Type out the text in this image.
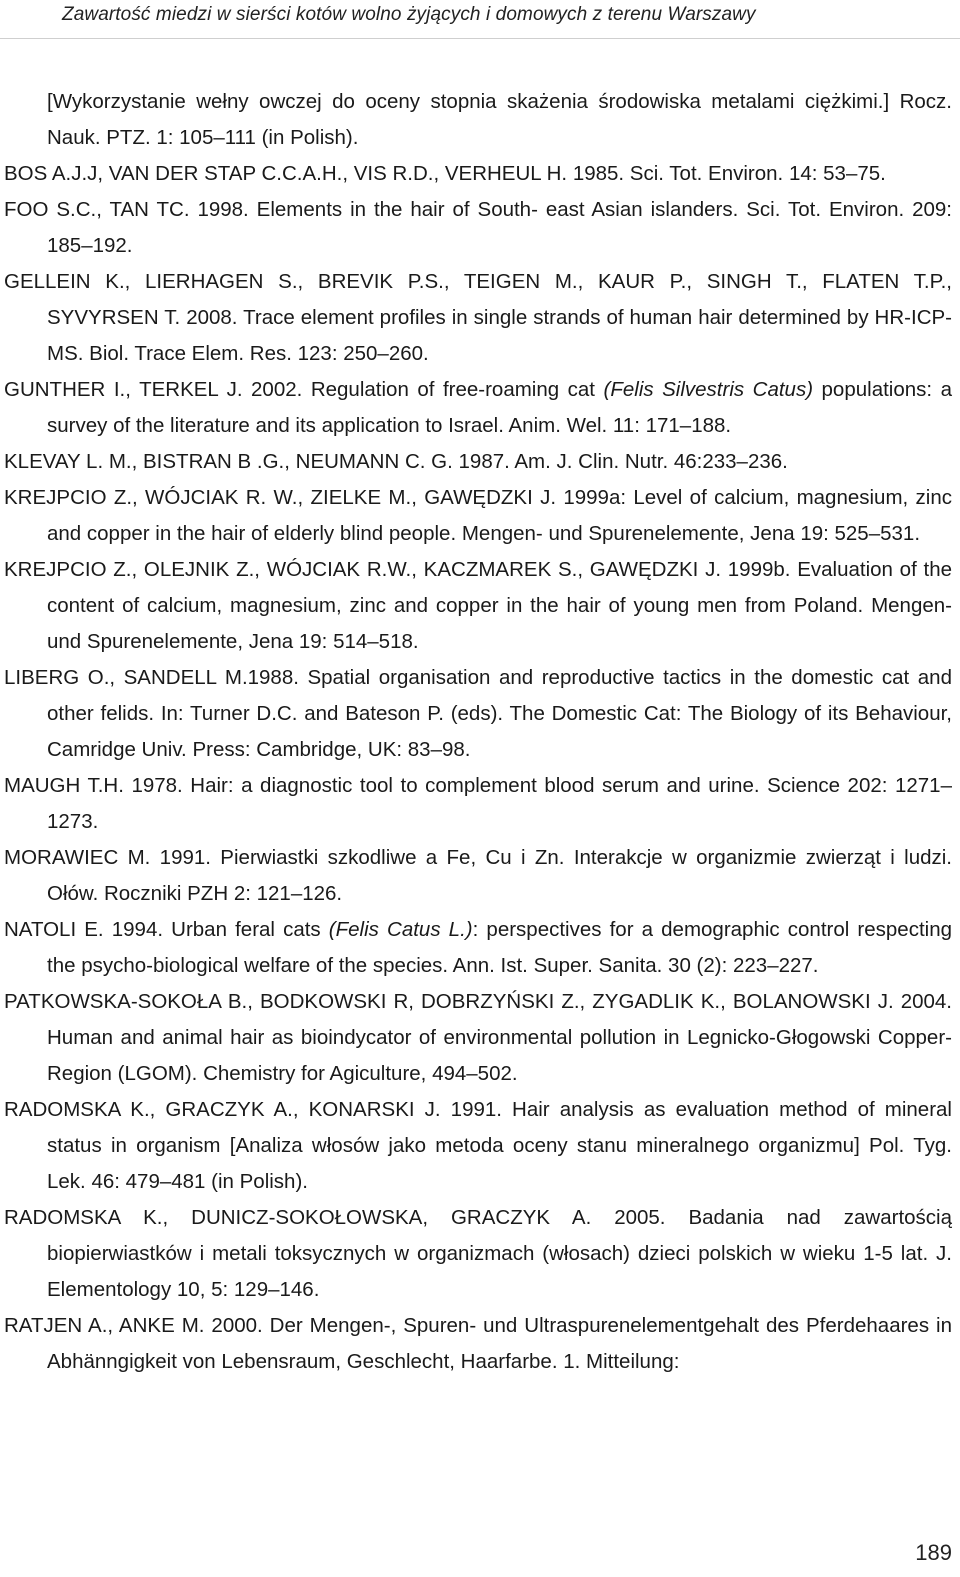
Zawartość miedzi w sierści kotów wolno żyjących i domowych z terenu Warszawy
[Wykorzystanie wełny owczej do oceny stopnia skażenia środowiska metalami ciężkimi.] Rocz. Nauk. PTZ. 1: 105–111 (in Polish).
BOS A.J.J, VAN DER STAP C.C.A.H., VIS R.D., VERHEUL H. 1985. Sci. Tot. Environ. 14: 53–75.
FOO S.C., TAN TC. 1998. Elements in the hair of South- east Asian islanders. Sci. Tot. Environ. 209: 185–192.
GELLEIN K., LIERHAGEN S., BREVIK P.S., TEIGEN M., KAUR P., SINGH T., FLATEN T.P., SYVYRSEN T. 2008. Trace element profiles in single strands of human hair determined by HR-ICP-MS. Biol. Trace Elem. Res. 123: 250–260.
GUNTHER I., TERKEL J. 2002. Regulation of free-roaming cat (Felis Silvestris Catus) populations: a survey of the literature and its application to Israel. Anim. Wel. 11: 171–188.
KLEVAY L. M., BISTRAN B .G., NEUMANN C. G. 1987. Am. J. Clin. Nutr. 46:233–236.
KREJPCIO Z., WÓJCIAK R. W., ZIELKE M., GAWĘDZKI J. 1999a: Level of calcium, magnesium, zinc and copper in the hair of elderly blind people. Mengen- und Spurenelemente, Jena 19: 525–531.
KREJPCIO Z., OLEJNIK Z., WÓJCIAK R.W., KACZMAREK S., GAWĘDZKI J. 1999b. Evaluation of the content of calcium, magnesium, zinc and copper in the hair of young men from Poland. Mengen- und Spurenelemente, Jena 19: 514–518.
LIBERG O., SANDELL M.1988. Spatial organisation and reproductive tactics in the domestic cat and other felids. In: Turner D.C. and Bateson P. (eds). The Domestic Cat: The Biology of its Behaviour, Camridge Univ. Press: Cambridge, UK: 83–98.
MAUGH T.H. 1978. Hair: a diagnostic tool to complement blood serum and urine. Science 202: 1271–1273.
MORAWIEC M. 1991. Pierwiastki szkodliwe a Fe, Cu i Zn. Interakcje w organizmie zwierząt i ludzi. Ołów. Roczniki PZH 2: 121–126.
NATOLI E. 1994. Urban feral cats (Felis Catus L.): perspectives for a demographic control respecting the psycho-biological welfare of the species. Ann. Ist. Super. Sanita. 30 (2): 223–227.
PATKOWSKA-SOKOŁA B., BODKOWSKI R, DOBRZYŃSKI Z., ZYGADLIK K., BOLANOWSKI J. 2004. Human and animal hair as bioindycator of environmental pollution in Legnicko-Głogowski Copper-Region (LGOM). Chemistry for Agiculture, 494–502.
RADOMSKA K., GRACZYK A., KONARSKI J. 1991. Hair analysis as evaluation method of mineral status in organism [Analiza włosów jako metoda oceny stanu mineralnego organizmu] Pol. Tyg. Lek. 46: 479–481 (in Polish).
RADOMSKA K., DUNICZ-SOKOŁOWSKA, GRACZYK A. 2005. Badania nad zawartością biopierwiastków i metali toksycznych w organizmach (włosach) dzieci polskich w wieku 1-5 lat. J. Elementology 10, 5: 129–146.
RATJEN A., ANKE M. 2000. Der Mengen-, Spuren- und Ultraspurenelementgehalt des Pferdehaares in Abhänngigkeit von Lebensraum, Geschlecht, Haarfarbe. 1. Mitteilung:
189
